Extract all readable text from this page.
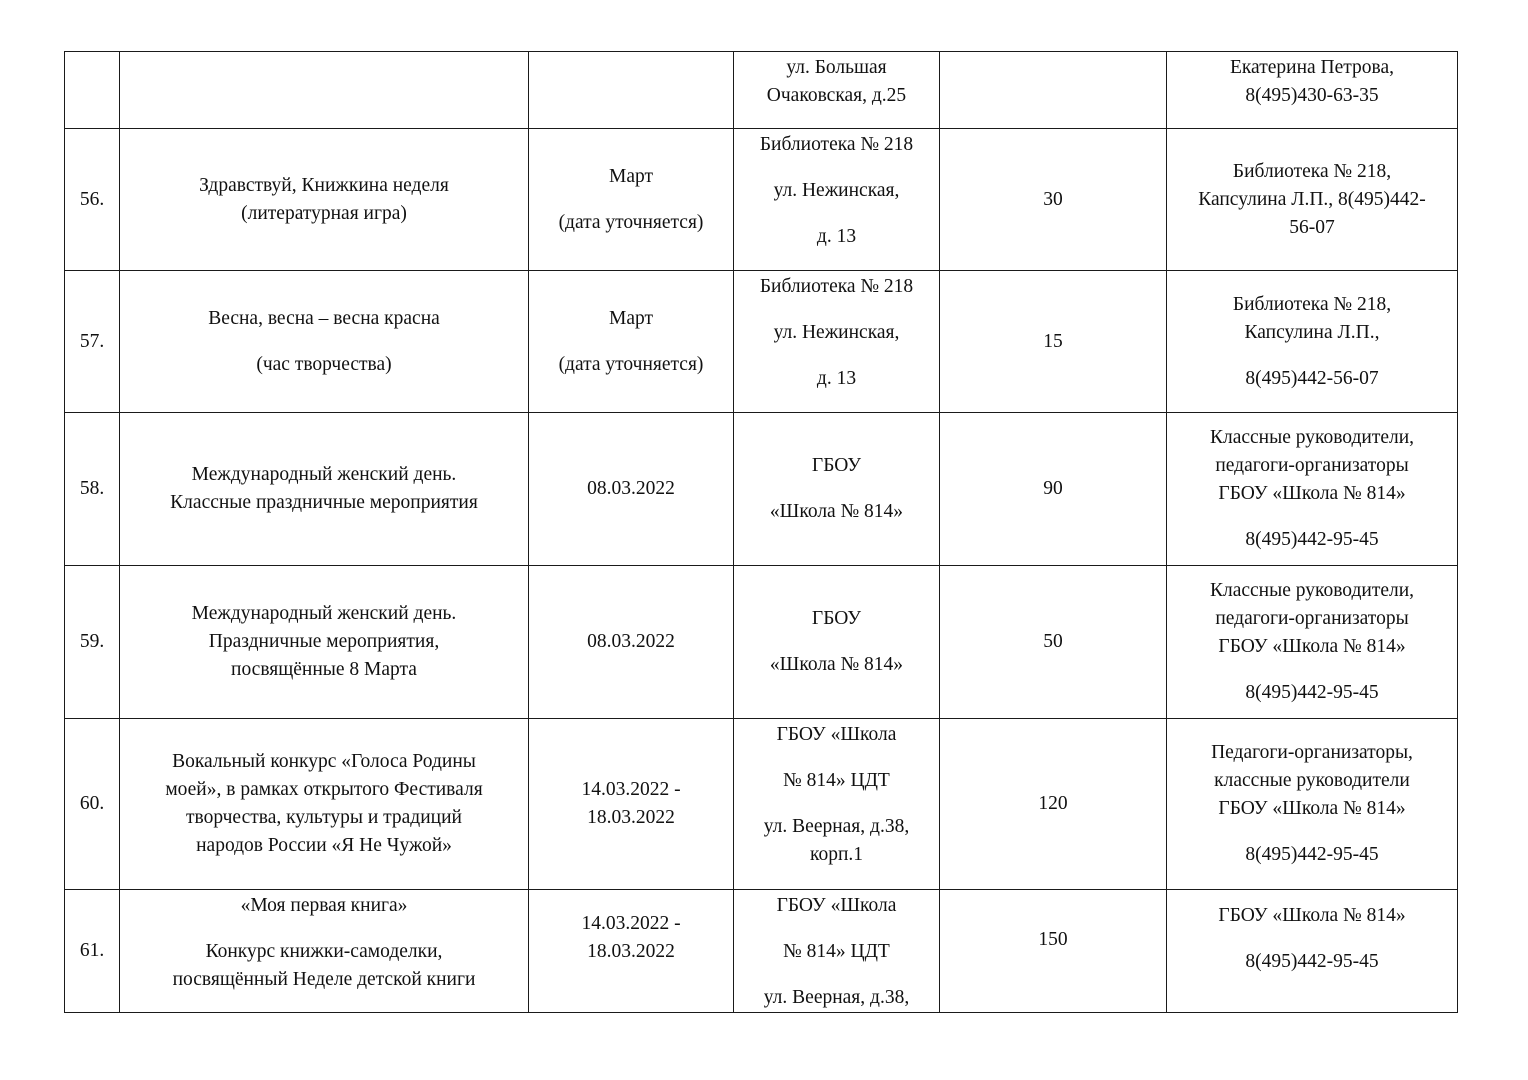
			ул. Большая
Очаковская, д.25		Екатерина Петрова,
8(495)430-63-35

56.	Здравствуй, Книжкина неделя
(литературная игра)	Март
(дата уточняется)	Библиотека № 218
ул. Нежинская,
д. 13	30	Библиотека № 218,
Капсулина Л.П., 8(495)442-
56-07

57.	Весна, весна – весна красна
(час творчества)	Март
(дата уточняется)	Библиотека № 218
ул. Нежинская,
д. 13	15	Библиотека № 218,
Капсулина Л.П.,
8(495)442-56-07

58.	Международный женский день.
Классные праздничные мероприятия	08.03.2022	ГБОУ
«Школа № 814»	90	Классные руководители,
педагоги-организаторы
ГБОУ «Школа № 814»
8(495)442-95-45

59.	Международный женский день.
Праздничные мероприятия,
посвящённые 8 Марта	08.03.2022	ГБОУ
«Школа № 814»	50	Классные руководители,
педагоги-организаторы
ГБОУ «Школа № 814»
8(495)442-95-45

60.	Вокальный конкурс «Голоса Родины
моей», в рамках открытого Фестиваля
творчества, культуры и традиций
народов России «Я Не Чужой»	14.03.2022 -
18.03.2022	ГБОУ «Школа
№ 814» ЦДТ
ул. Веерная, д.38,
корп.1	120	Педагоги-организаторы,
классные руководители
ГБОУ «Школа № 814»
8(495)442-95-45

61.	«Моя первая книга»
Конкурс книжки-самоделки,
посвящённый Неделе детской книги	14.03.2022 -
18.03.2022	ГБОУ «Школа
№ 814» ЦДТ
ул. Веерная, д.38,	150	ГБОУ «Школа № 814»
8(495)442-95-45
